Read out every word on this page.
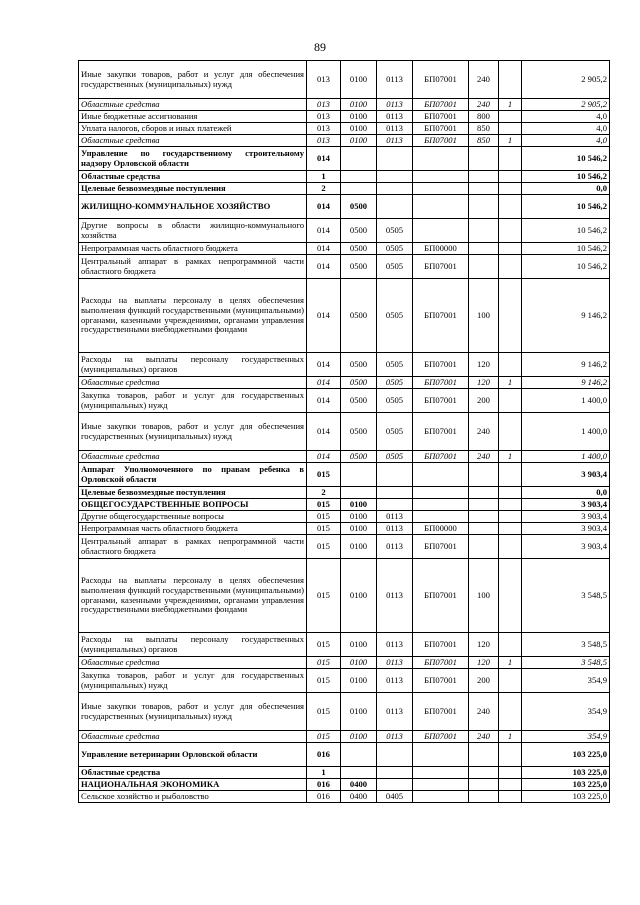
89
Иные закупки товаров, работ и услуг для обеспечения государственных (муниципальных) нужд	013	0100	0113	БП07001	240		2 905,2
Областные средства	013	0100	0113	БП07001	240	1	2 905,2
Иные бюджетные ассигнования	013	0100	0113	БП07001	800		4,0
Уплата налогов, сборов и иных платежей	013	0100	0113	БП07001	850		4,0
Областные средства	013	0100	0113	БП07001	850	1	4,0
Управление по государственному строительному надзору Орловской области	014						10 546,2
Областные средства	1						10 546,2
Целевые безвозмездные поступления	2						0,0
ЖИЛИЩНО-КОММУНАЛЬНОЕ ХОЗЯЙСТВО	014	0500					10 546,2
Другие вопросы в области жилищно-коммунального хозяйства	014	0500	0505				10 546,2
Непрограммная часть областного бюджета	014	0500	0505	БП00000			10 546,2
Центральный аппарат в рамках непрограммной части областного бюджета	014	0500	0505	БП07001			10 546,2
Расходы на выплаты персоналу в целях обеспечения выполнения функций государственными (муниципальными) органами, казенными учреждениями, органами управления государственными внебюджетными фондами	014	0500	0505	БП07001	100		9 146,2
Расходы на выплаты персоналу государственных (муниципальных) органов	014	0500	0505	БП07001	120		9 146,2
Областные средства	014	0500	0505	БП07001	120	1	9 146,2
Закупка товаров, работ и услуг для государственных (муниципальных) нужд	014	0500	0505	БП07001	200		1 400,0
Иные закупки товаров, работ и услуг для обеспечения государственных (муниципальных) нужд	014	0500	0505	БП07001	240		1 400,0
Областные средства	014	0500	0505	БП07001	240	1	1 400,0
Аппарат Уполномоченного по правам ребенка в Орловской области	015						3 903,4
Целевые безвозмездные поступления	2						0,0
ОБЩЕГОСУДАРСТВЕННЫЕ ВОПРОСЫ	015	0100					3 903,4
Другие общегосударственные вопросы	015	0100	0113				3 903,4
Непрограммная часть областного бюджета	015	0100	0113	БП00000			3 903,4
Центральный аппарат в рамках непрограммной части областного бюджета	015	0100	0113	БП07001			3 903,4
Расходы на выплаты персоналу в целях обеспечения выполнения функций государственными (муниципальными) органами, казенными учреждениями, органами управления государственными внебюджетными фондами	015	0100	0113	БП07001	100		3 548,5
Расходы на выплаты персоналу государственных (муниципальных) органов	015	0100	0113	БП07001	120		3 548,5
Областные средства	015	0100	0113	БП07001	120	1	3 548,5
Закупка товаров, работ и услуг для государственных (муниципальных) нужд	015	0100	0113	БП07001	200		354,9
Иные закупки товаров, работ и услуг для обеспечения государственных (муниципальных) нужд	015	0100	0113	БП07001	240		354,9
Областные средства	015	0100	0113	БП07001	240	1	354,9
Управление ветеринарии Орловской области	016						103 225,0
Областные средства	1						103 225,0
НАЦИОНАЛЬНАЯ ЭКОНОМИКА	016	0400					103 225,0
Сельское хозяйство и рыболовство	016	0400	0405				103 225,0
